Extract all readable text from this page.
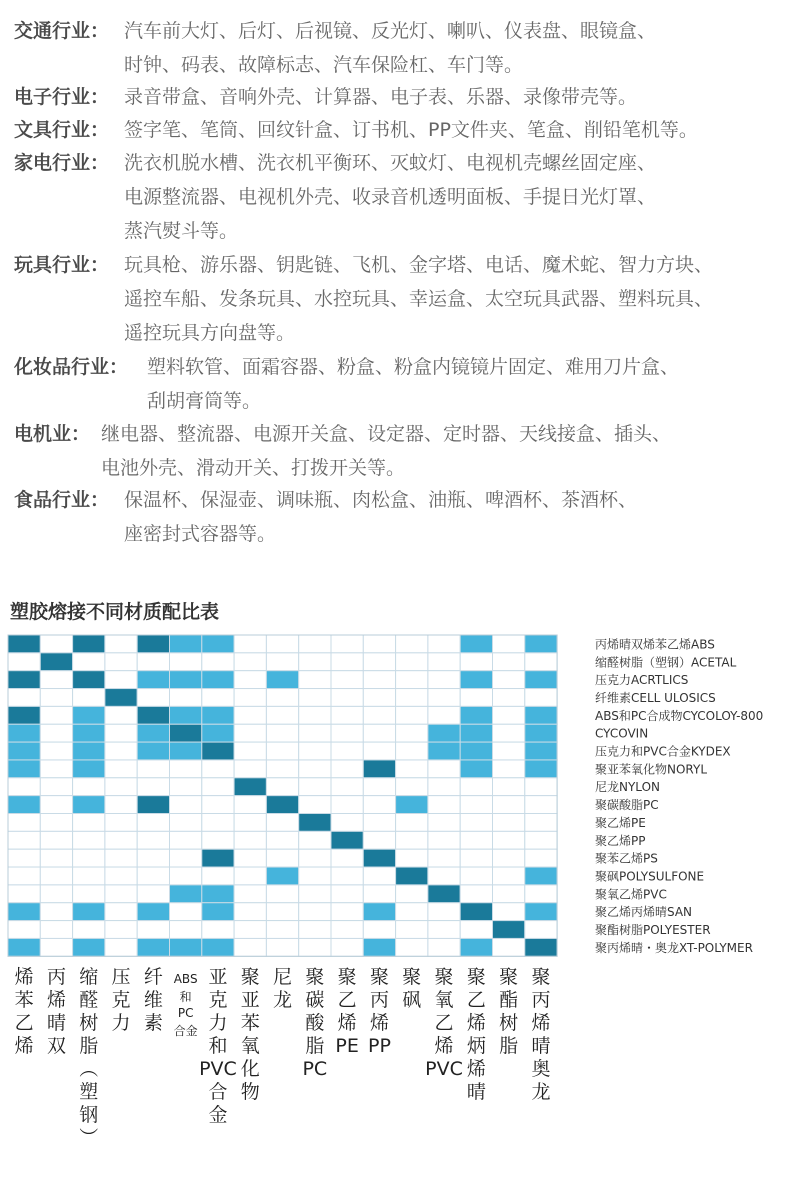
交通行业： 汽车前大灯、后灯、后视镜、反光灯、喇叭、仪表盘、眼镜盒、
时钟、码表、故障标志、汽车保险杠、车门等。
电子行业： 录音带盒、音响外壳、计算器、电子表、乐器、录像带壳等。
文具行业： 签字笔、笔筒、回纹针盒、订书机、PP文件夹、笔盒、削铅笔机等。
家电行业： 洗衣机脱水槽、洗衣机平衡环、灭蚊灯、电视机壳螺丝固定座、
电源整流器、电视机外壳、收录音机透明面板、手提日光灯罩、
蒸汽熨斗等。
玩具行业： 玩具枪、游乐器、钥匙链、飞机、金字塔、电话、魔术蛇、智力方块、
遥控车船、发条玩具、水控玩具、幸运盒、太空玩具武器、塑料玩具、
遥控玩具方向盘等。
化妆品行业： 塑料软管、面霜容器、粉盒、粉盒内镜镜片固定、难用刀片盒、
刮胡膏筒等。
电机业： 继电器、整流器、电源开关盒、设定器、定时器、天线接盒、插头、
电池外壳、滑动开关、打拨开关等。
食品行业： 保温杯、保湿壶、调味瓶、肉松盒、油瓶、啤酒杯、茶酒杯、
座密封式容器等。
塑胶熔接不同材质配比表
丙烯晴双烯苯乙烯ABS
缩醛树脂（塑钢）ACETAL
压克力ACRTLICS
纤维素CELL ULOSICS
ABS和PC合成物CYCOLOY-800
CYCOVIN
压克力和PVC合金KYDEX
聚亚苯氧化物NORYL
尼龙NYLON
聚碳酸脂PC
聚乙烯PE
聚乙烯PP
聚苯乙烯PS
聚砜POLYSULFONE
聚氧乙烯PVC
聚乙烯丙烯晴SAN
聚酯树脂POLYESTER
聚丙烯晴・奥龙XT-POLYMER
烯
苯
乙
烯
丙
烯
晴
双
缩
醛
树
脂
︵
塑
钢
︶
压
克
力
纤
维
素
ABS
和
PC
合金
亚
克
力
和
PVC
合
金
聚
亚
苯
氧
化
物
尼
龙
聚
碳
酸
脂
PC
聚
乙
烯
PE
聚
丙
烯
PP
聚
砜
聚
氧
乙
烯
PVC
聚
乙
烯
炳
烯
晴
聚
酯
树
脂
聚
丙
烯
晴
奥
龙
